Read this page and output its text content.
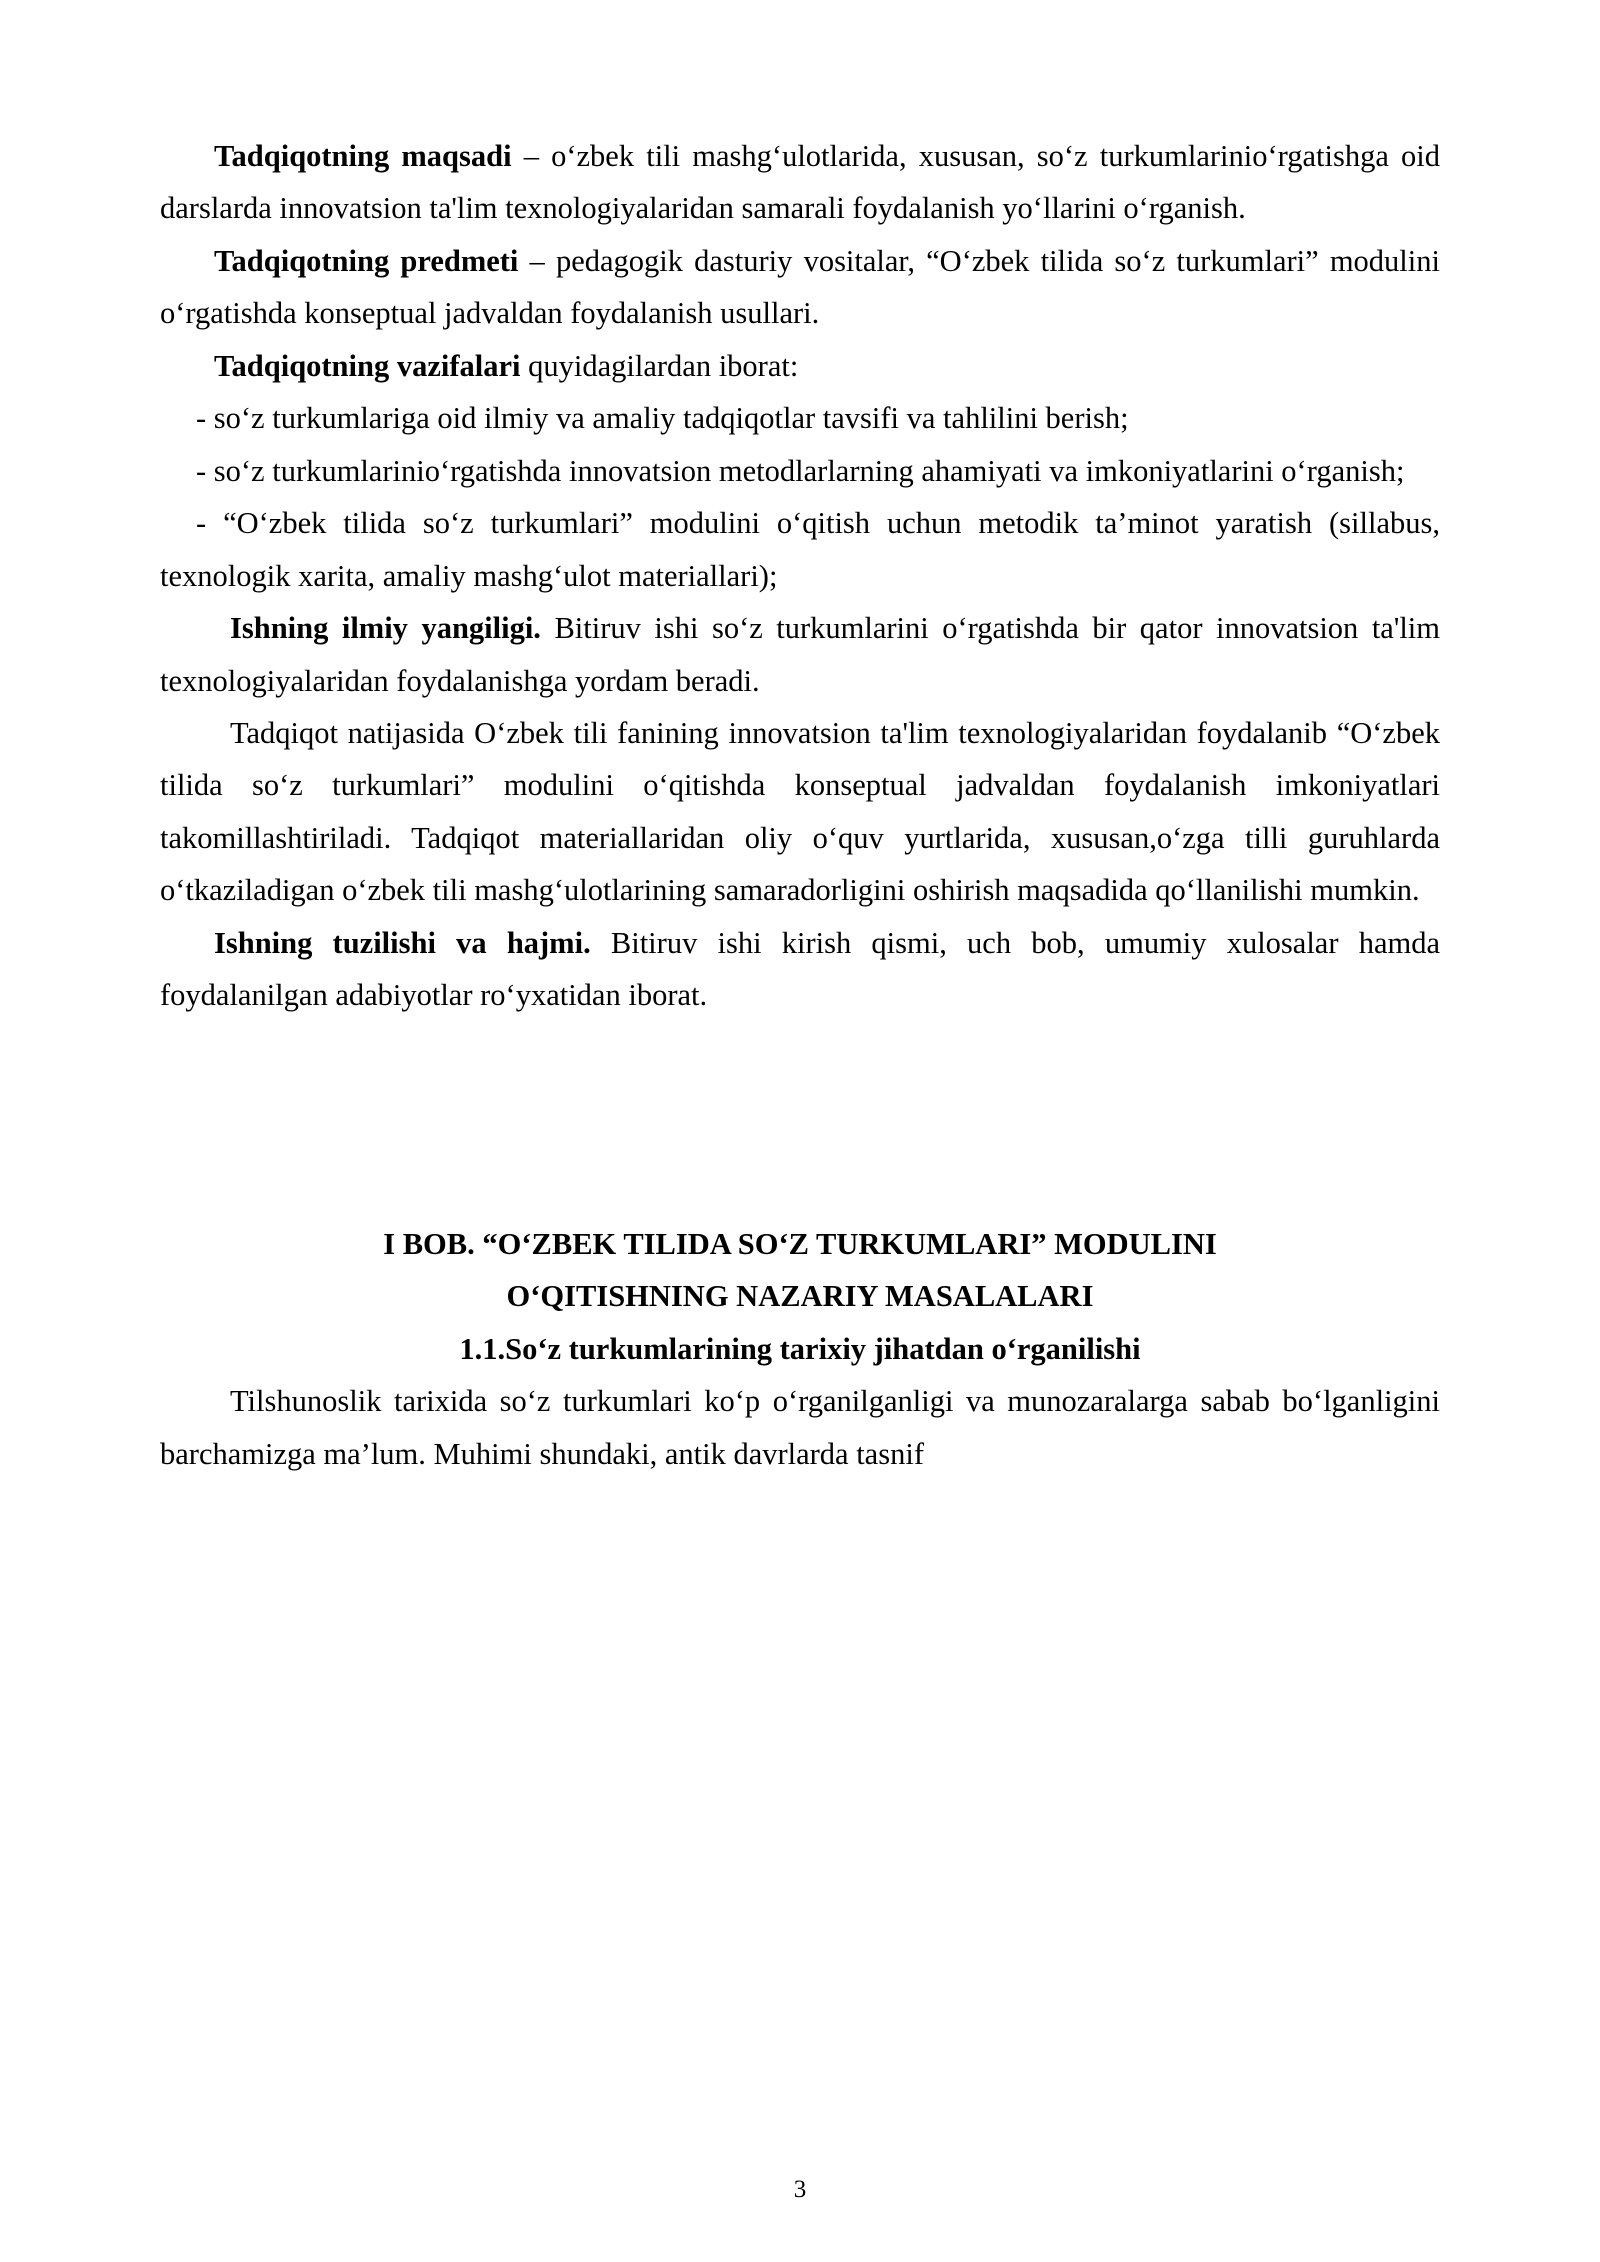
Tadqiqotning maqsadi – o‘zbek tili mashg‘ulotlarida, xususan, so‘z turkumlarinio‘rgatishga oid darslarda innovatsion ta'lim texnologiyalaridan samarali foydalanish yo‘llarini o‘rganish.

Tadqiqotning predmeti – pedagogik dasturiy vositalar, “O‘zbek tilida so‘z turkumlari” modulini o‘rgatishda konseptual jadvaldan foydalanish usullari.

Tadqiqotning vazifalari quyidagilardan iborat:

- so‘z turkumlariga oid ilmiy va amaliy tadqiqotlar tavsifi va tahlilini berish;

- so‘z turkumlarinio‘rgatishda innovatsion metodlarlarning ahamiyati va imkoniyatlarini o‘rganish;

- “O‘zbek tilida so‘z turkumlari” modulini o‘qitish uchun metodik ta’minot yaratish (sillabus, texnologik xarita, amaliy mashg‘ulot materiallari);

Ishning ilmiy yangiligi. Bitiruv ishi so‘z turkumlarini o‘rgatishda bir qator innovatsion ta'lim texnologiyalaridan foydalanishga yordam beradi.

Tadqiqot natijasida O‘zbek tili fanining innovatsion ta'lim texnologiyalaridan foydalanib “O‘zbek tilida so‘z turkumlari” modulini o‘qitishda konseptual jadvaldan foydalanish imkoniyatlari takomillashtiriladi. Tadqiqot materiallaridan oliy o‘quv yurtlarida, xususan,o‘zga tilli guruhlarda o‘tkaziladigan o‘zbek tili mashg‘ulotlarining samaradorligini oshirish maqsadida qo‘llanilishi mumkin.

Ishning tuzilishi va hajmi. Bitiruv ishi kirish qismi, uch bob, umumiy xulosalar hamda foydalanilgan adabiyotlar ro‘yxatidan iborat.

I BOB. “O‘ZBEK TILIDA SO‘Z TURKUMLARI” MODULINI

O‘QITISHNING NAZARIY MASALALARI

1.1.So‘z turkumlarining tarixiy jihatdan o‘rganilishi

Tilshunoslik tarixida so‘z turkumlari ko‘p o‘rganilganligi va munozaralarga sabab bo‘lganligini barchamizga ma’lum. Muhimi shundaki, antik davrlarda tasnif

3
